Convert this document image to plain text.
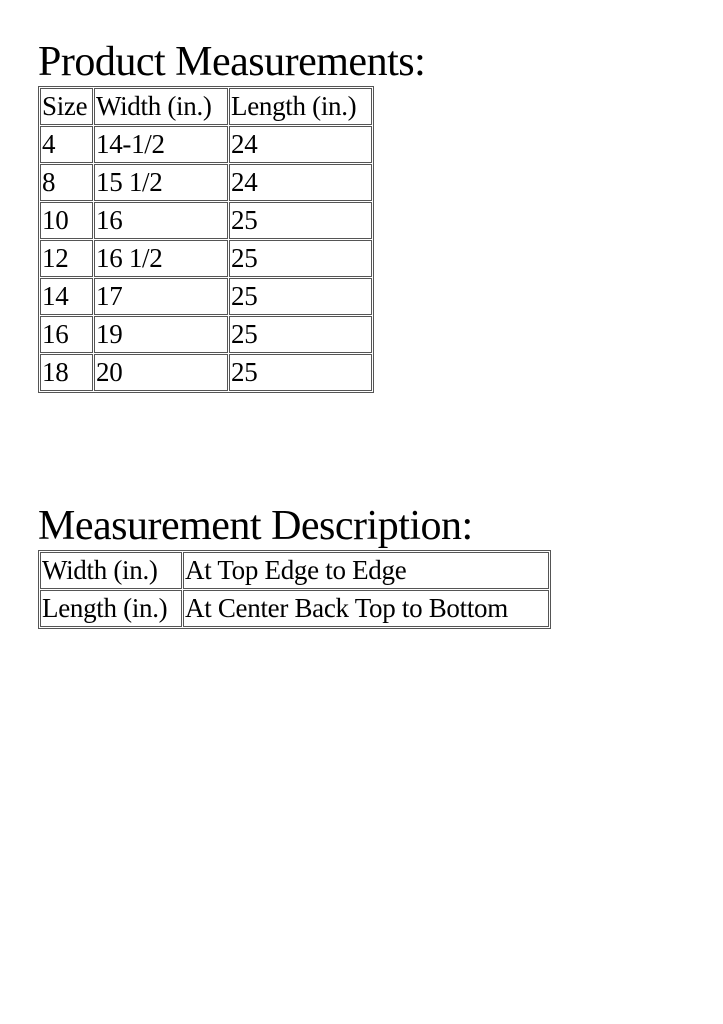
Product Measurements:
Size	Width (in.)	Length (in.)
4	14-1/2	24
8	15 1/2	24
10	16	25
12	16 1/2	25
14	17	25
16	19	25
18	20	25
Measurement Description:
Width (in.)	At Top Edge to Edge
Length (in.)	At Center Back Top to Bottom
